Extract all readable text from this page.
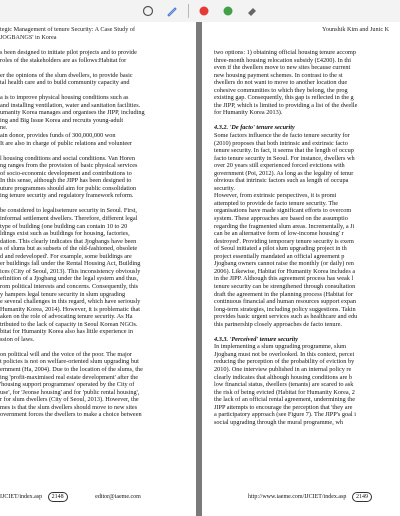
tegic Management of tenure Security: A Case Study of
JOGBANGS' in Korea
s been designed to initiate pilot projects and to provide
roles of the stakeholders are as follows:Habitat for
er the opinions of the slum dwellers, to provide basic
tal health care and to build community capacity and
a is to improve physical housing conditions such as
and installing ventilation, water and sanitation facilities.
umanity Korea manages and organises the JIPP, including
ing and Big Issue Korea and recruits young-adult
ne.
ain donor, provides funds of 300,000,000 won
It are also in charge of public relations and volunteer
l housing conditions and social conditions. Van Horen
ng ranges from the provision of basic physical services
of socio-economic development and contributions to
In this sense, although the JIPP has been designed to
uture programmes should aim for public consolidation
ing tenure security and regulatory framework reform.
be considered to legalisetenure security in Seoul. First,
informal settlement dwellers. Therefore, different legal
type of building (one building can contain 10 to 20
ldings exist such as buildings for housing, factories,
dation. This clearly indicates that Jjogbangs have been
s of slums but as subsets of the old-fashioned, obsolete
d and redeveloped'. For example, some buildings are
er buildings fall under the Rental Housing Act, Building
ices (City of Seoul, 2013). This inconsistency obviously
efinition of a Jjogbang under the legal system and thus,
rom political interests and concerns. Consequently, this
y hampers legal tenure security in slum upgrading
e several challenges in this regard, which have seriously
Humanity Korea, 2014). However, it is problematic that
aken on the role of advocating tenure security. As Ha
tributed to the lack of capacity in Seoul Korean NGOs.
bitat for Humanity Korea also has little experience in
ssion of laws.
on political will and the voice of the poor. The major
t policies is not on welfare-oriented slum upgrading but
ernment (Ha, 2004). Due to the location of the slums, the
ing 'profit-maximised real estate development' after the
'housing support programmes' operated by the City of
use', for 'Jeonse housing' and for 'public rental housing',
r for slum dwellers (City of Seoul, 2013). However, the
mes is that the slum dwellers should move to new sites
overnment forces the dwellers to make a choice between
IJCIET/index.asp 2148	editor@iaeme.com
Younshik Kim and Junic K
two options: 1) obtaining official housing tenure accomp
three-month housing relocation subsidy (£4200). In thi
even if the dwellers move to new sites because current
new housing payment schemes. In contrast to the st
dwellers do not want to move to another location due
cohesive communities to which they belong, the prog
existing gap. Consequently, this gap is reflected in the g
the JIPP, which is limited to providing a list of the dwelle
for Humanity Korea 2013).
4.3.2. 'De facto' tenure security
Some factors influence the de facto tenure security for
(2010) proposes that both intrinsic and extrinsic facto
tenure security. In fact, it seems that the length of occup
facto tenure security in Seoul. For instance, dwellers wh
over 20 years still experienced forced evictions with
government (Poi, 2012). As long as the legality of tenur
obvious that intrinsic factors such as length of occupa
security.
However, from extrinsic perspectives, it is promi
attempted to provide de facto tenure security. The
organisations have made significant efforts to overcom
system. These approaches are based on the assumptio
regarding the fragmented slum areas. Incrementally, a Ji
can be an alternative form of low-income housing' r
destroyed'. Providing temporary tenure security is exem
of Seoul initiated a pilot slum upgrading project in th
project essentially mandated an official agreement p
Jjogbang owners cannot raise the monthly (or daily) ren
2006). Likewise, Habitat for Humanity Korea includes a
in the JIPP. Although this agreement process has weak l
tenure security can be strengthened through consultation
draft the agreement in the planning process (Habitat for
continuous financial and human resources support expan
long-term strategies, including policy suggestions. Takin
provides basic urgent services such as healthcare and edu
this partnership closely approaches de facto tenure.
4.3.3. 'Perceived' tenure security
In implementing a slum upgrading programme, slum
Jjogbang must not be overlooked. In this context, percei
reducing the perception of the probability of eviction by
2010). One interview published in an internal policy re
clearly indicates that although housing conditions are b
low financial status, dwellers (tenants) are scared to ask
the risk of being evicted (Habitat for Humanity Korea, 2
the lack of an official rental agreement, undermining the
JIPP attempts to encourage the perception that 'they are
a participatory approach (see Figure 7). The JIPP's goal i
social upgrading through the mural programme, wh
http://www.iaeme.com/IJCIET/index.asp 2149
